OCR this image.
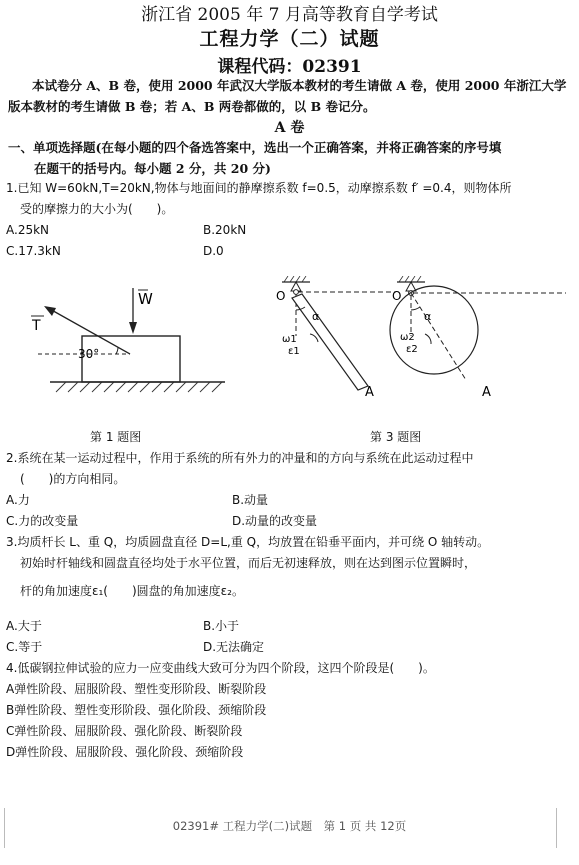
浙江省 2005 年 7 月高等教育自学考试
工程力学（二）试题
课程代码：02391
本试卷分 A、B 卷，使用 2000 年武汉大学版本教材的考生请做 A 卷，使用 2000 年浙江大学版本教材的考生请做 B 卷；若 A、B 两卷都做的，以 B 卷记分。
A 卷
一、单项选择题(在每小题的四个备选答案中，选出一个正确答案，并将正确答案的序号填
在题干的括号内。每小题 2 分，共 20 分)
1.已知 W=60kN,T=20kN,物体与地面间的静摩擦系数 f=0.5，动摩擦系数 f′ =0.4，则物体所
受的摩擦力的大小为(　　)。
A.25kN	B.20kN
C.17.3kN	D.0
W
T
30°
O
α
ω1
ε1
A
O
α
ω2
ε2
A
第 1 题图	第 3 题图
2.系统在某一运动过程中，作用于系统的所有外力的冲量和的方向与系统在此运动过程中
(　　)的方向相同。
A.力	B.动量
C.力的改变量	D.动量的改变量
3.均质杆长 L、重 Q，均质圆盘直径 D=L,重 Q，均放置在铅垂平面内，并可绕 O 轴转动。
初始时杆轴线和圆盘直径均处于水平位置，而后无初速释放，则在达到图示位置瞬时，
杆的角加速度ε₁(　　)圆盘的角加速度ε₂。
A.大于	B.小于
C.等于	D.无法确定
4.低碳钢拉伸试验的应力一应变曲线大致可分为四个阶段，这四个阶段是(　　)。
A弹性阶段、屈服阶段、塑性变形阶段、断裂阶段
B弹性阶段、塑性变形阶段、强化阶段、颈缩阶段
C弹性阶段、屈服阶段、强化阶段、断裂阶段
D弹性阶段、屈服阶段、强化阶段、颈缩阶段
02391# 工程力学(二)试题　第 1 页 共 12页
